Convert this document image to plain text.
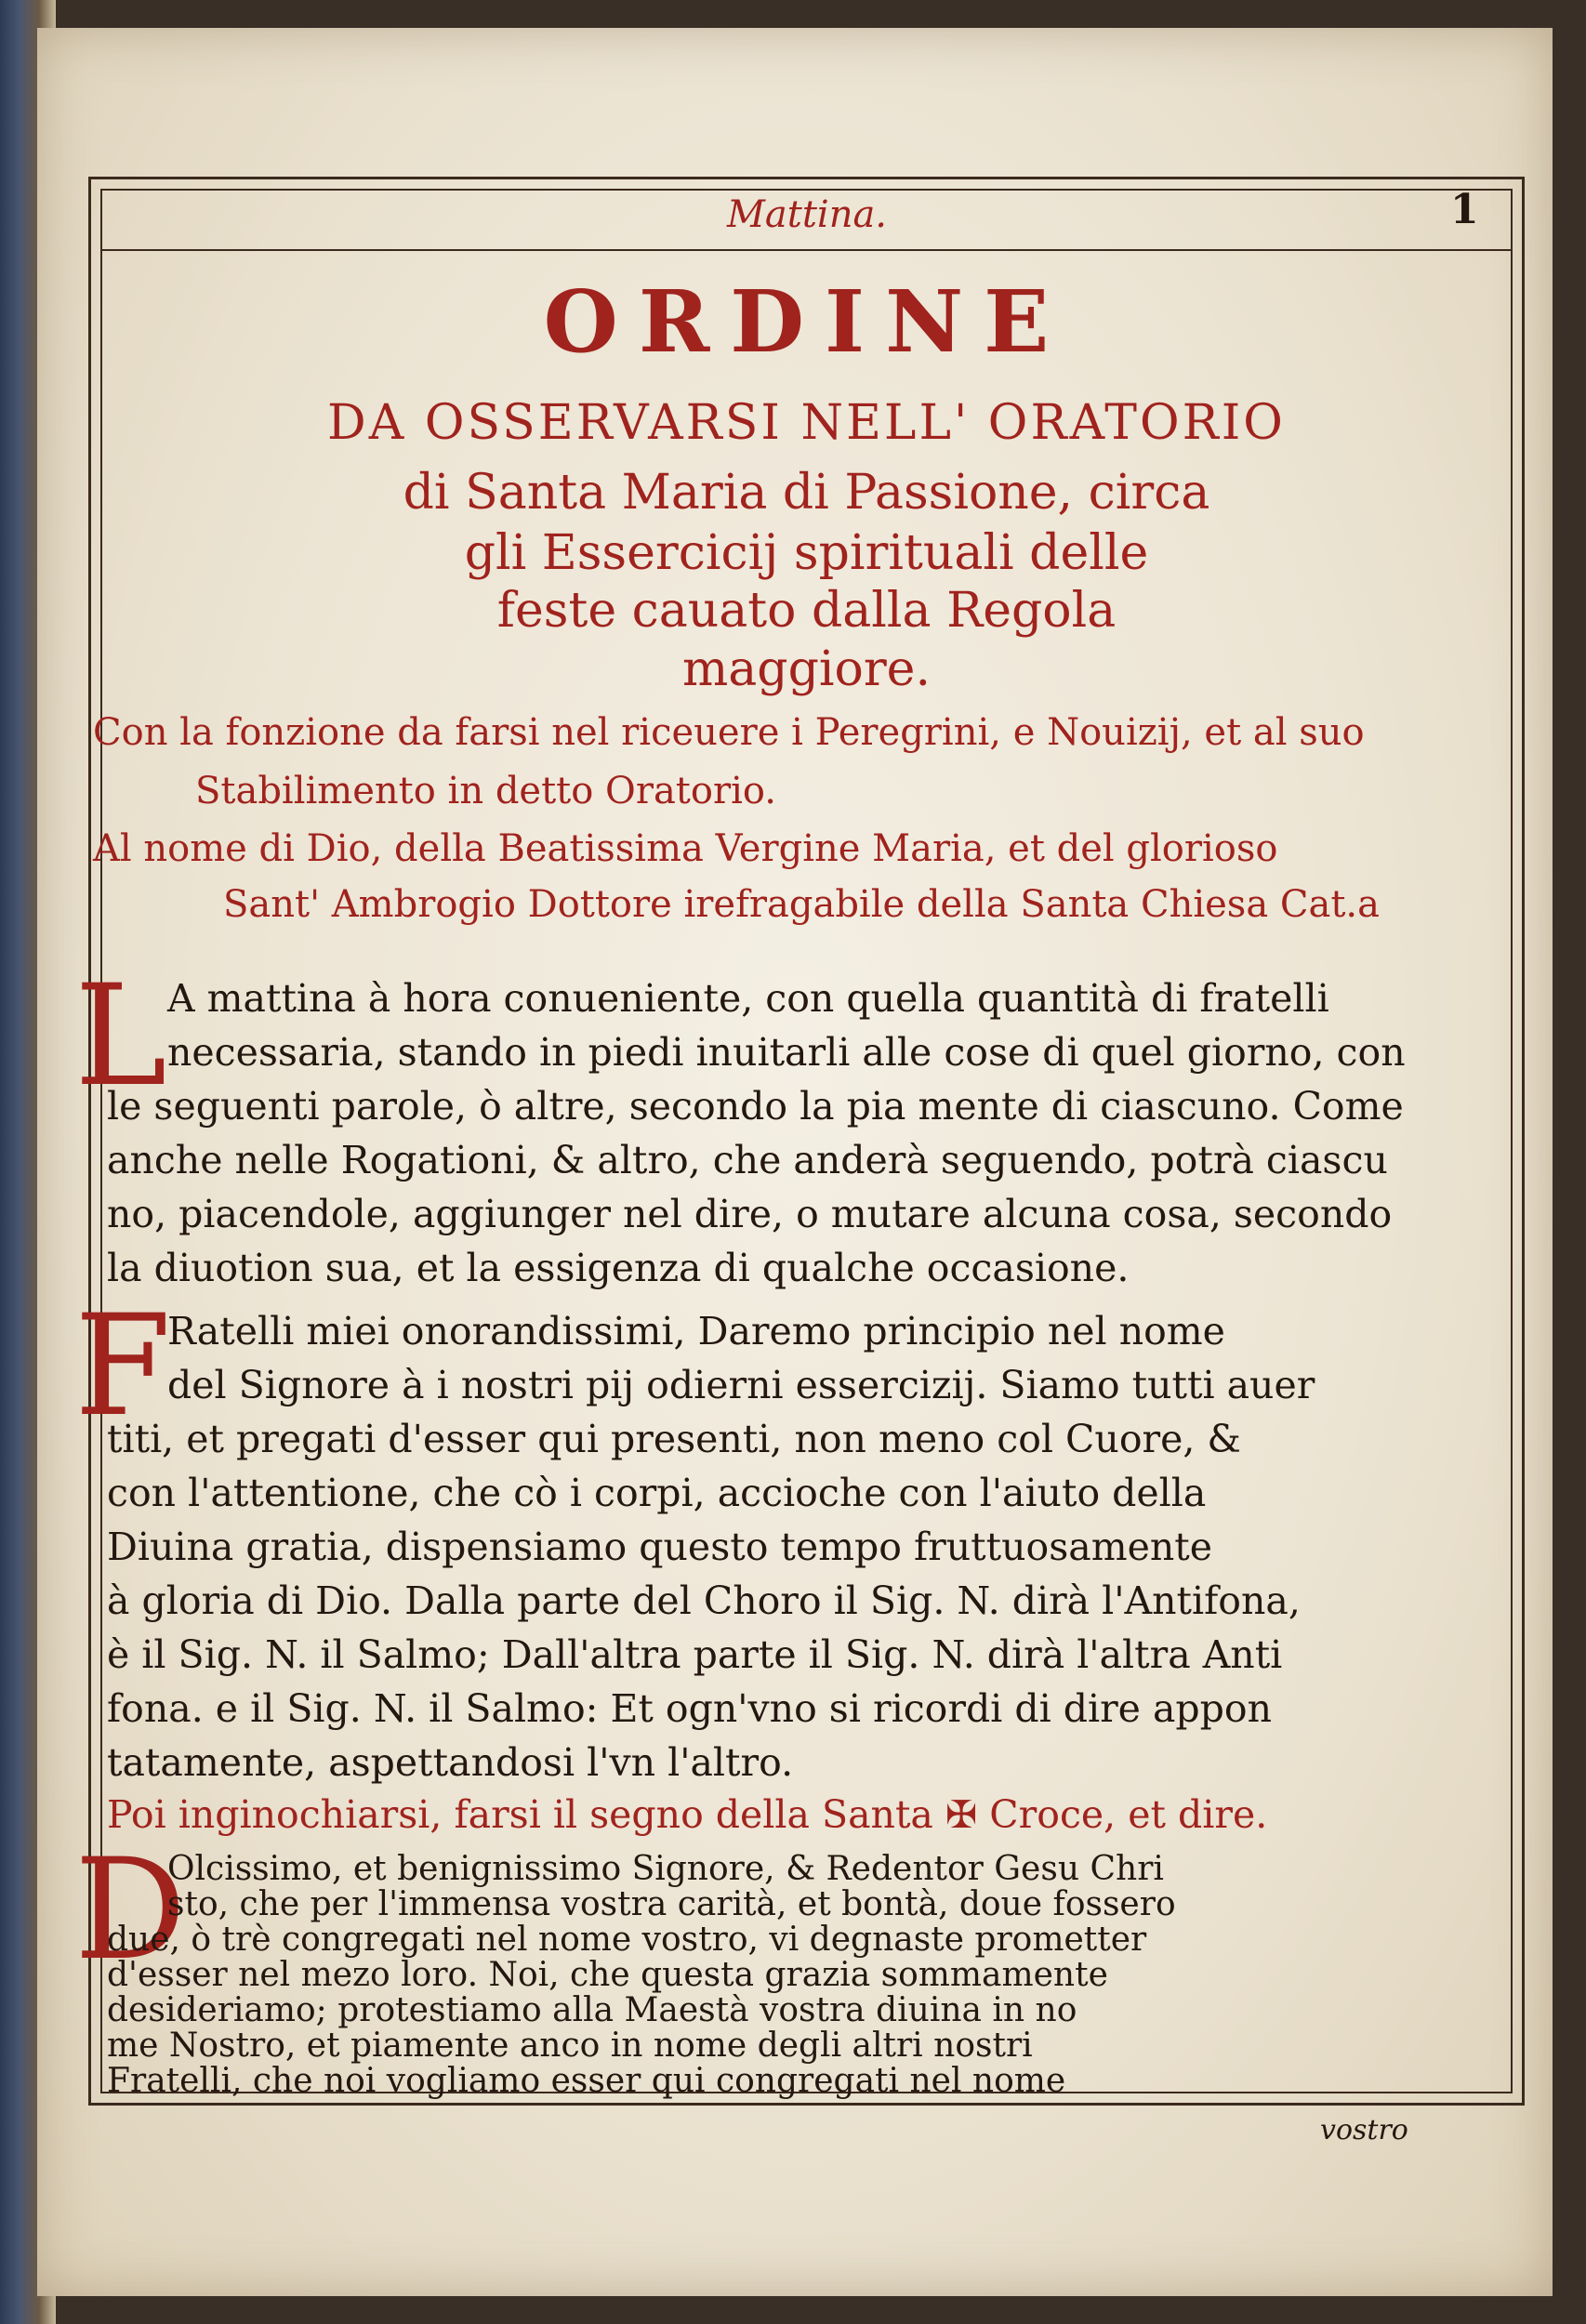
Mattina.	1
ORDINE
DA OSSERVARSI NELL' ORATORIO
di Santa Maria di Passione, circa
gli Essercicij spirituali delle
feste cauato dalla Regola
maggiore.
Con la fonzione da farsi nel riceuere i Peregrini, e Nouizij, et al suo
Stabilimento in detto Oratorio.
Al nome di Dio, della Beatissima Vergine Maria, et del glorioso
Sant' Ambrogio Dottore irefragabile della Santa Chiesa Cat.a
L A mattina à hora conueniente, con quella quantità di fratelli
necessaria, stando in piedi inuitarli alle cose di quel giorno, con
le seguenti parole, ò altre, secondo la pia mente di ciascuno. Come
anche nelle Rogationi, & altro, che anderà seguendo, potrà ciascu
no, piacendole, aggiunger nel dire, o mutare alcuna cosa, secondo
la diuotion sua, et la essigenza di qualche occasione.
F
Ratelli miei onorandissimi, Daremo principio nel nome
del Signore à i nostri pij odierni essercizij. Siamo tutti auer
titi, et pregati d'esser qui presenti, non meno col Cuore, &
con l'attentione, che cò i corpi, accioche con l'aiuto della
Diuina gratia, dispensiamo questo tempo fruttuosamente
à gloria di Dio. Dalla parte del Choro il Sig. N. dirà l'Antifona,
è il Sig. N. il Salmo; Dall'altra parte il Sig. N. dirà l'altra Anti
fona. e il Sig. N. il Salmo: Et ogn'vno si ricordi di dire appon
tatamente, aspettandosi l'vn l'altro.
Poi inginochiarsi, farsi il segno della Santa ✠ Croce, et dire.
D
Olcissimo, et benignissimo Signore, & Redentor Gesu Chri
sto, che per l'immensa vostra carità, et bontà, doue fossero
due, ò trè congregati nel nome vostro, vi degnaste prometter
d'esser nel mezo loro. Noi, che questa grazia sommamente
desideriamo; protestiamo alla Maestà vostra diuina in no
vostro
me Nostro, et piamente anco in nome degli altri nostri
Fratelli, che noi vogliamo esser qui congregati nel nome
